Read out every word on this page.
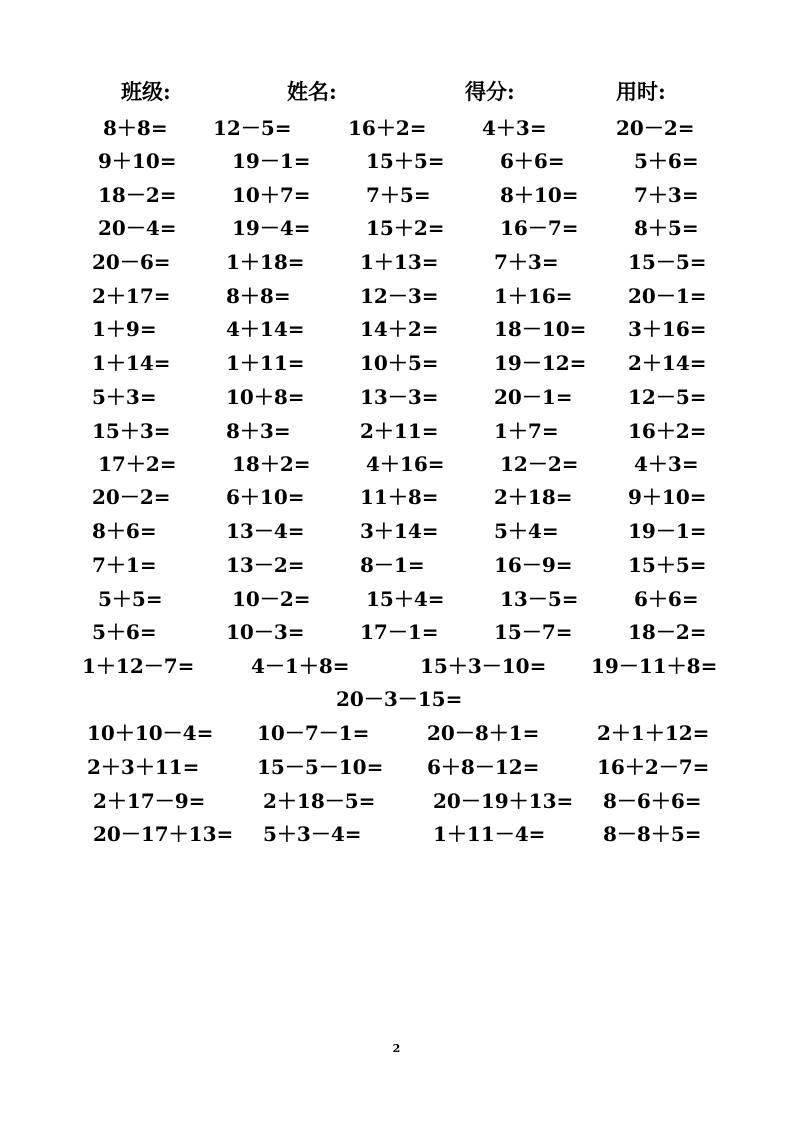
班级:	姓名:	得分:	用时:
8＋8= 12－5=	16＋2=	4＋3=	20－2=
9＋10=	19－1=	15＋5=	6＋6=	5＋6=
18－2=	10＋7=	7＋5=	8＋10=	7＋3=
20－4=	19－4=	15＋2=	16－7=	8＋5=
20－6=	1＋18=	1＋13=	7＋3=	15－5=
2＋17=	8＋8=	12－3=	1＋16=	20－1=
1＋9=	4＋14=	14＋2=	18－10= 3＋16=
1＋14=	1＋11=	10＋5=	19－12= 2＋14=
5＋3=	10＋8=	13－3=	20－1=	12－5=
15＋3=	8＋3=	2＋11=	1＋7=	16＋2=
17＋2=	18＋2=	4＋16=	12－2=	4＋3=
20－2=	6＋10=	11＋8=	2＋18=	9＋10=
8＋6=	13－4=	3＋14=	5＋4=	19－1=
7＋1=	13－2=	8－1=	16－9=	15＋5=
5＋5=	10－2=	15＋4=	13－5=	6＋6=
5＋6=	10－3=	17－1=	15－7=	18－2=
1＋12－7=	4－1＋8=	15＋3－10= 19－11＋8=
20－3－15=
10＋10－4= 10－7－1=	20－8＋1=	2＋1＋12=
2＋3＋11=	15－5－10= 6＋8－12=	16＋2－7=
2＋17－9=	2＋18－5=	20－19＋13= 8－6＋6=
20－17＋13= 5＋3－4=	1＋11－4=	8－8＋5=
2
